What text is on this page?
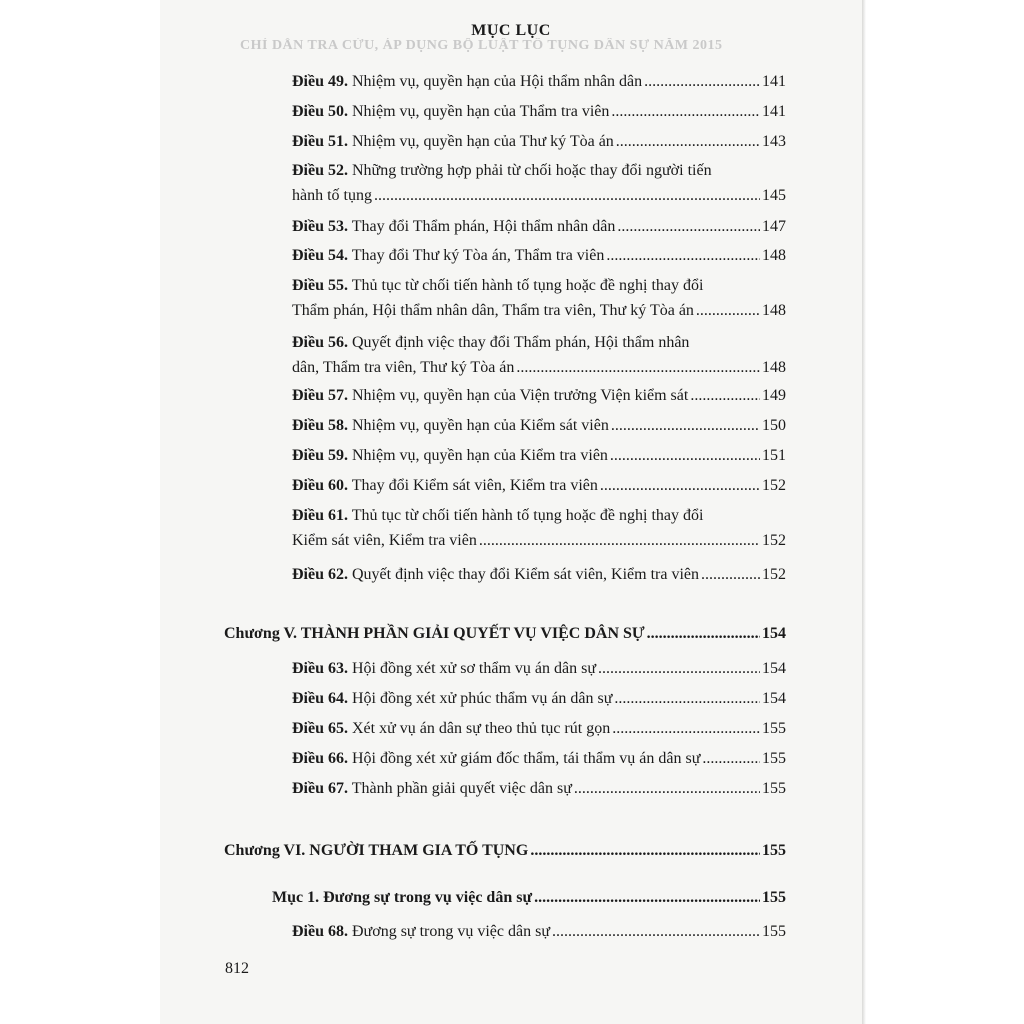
CHỈ DẪN TRA CỨU, ÁP DỤNG BỘ LUẬT TỐ TỤNG DÂN SỰ NĂM 2015
MỤC LỤC
Điều 49. Nhiệm vụ, quyền hạn của Hội thẩm nhân dân .....	141
Điều 50. Nhiệm vụ, quyền hạn của Thẩm tra viên .....	141
Điều 51. Nhiệm vụ, quyền hạn của Thư ký Tòa án .....	143
Điều 52. Những trường hợp phải từ chối hoặc thay đổi người tiến
hành tố tụng .....	145
Điều 53. Thay đổi Thẩm phán, Hội thẩm nhân dân .....	147
Điều 54. Thay đổi Thư ký Tòa án, Thẩm tra viên .....	148
Điều 55. Thủ tục từ chối tiến hành tố tụng hoặc đề nghị thay đổi
Thẩm phán, Hội thẩm nhân dân, Thẩm tra viên, Thư ký Tòa án .....	148
Điều 56. Quyết định việc thay đổi Thẩm phán, Hội thẩm nhân
dân, Thẩm tra viên, Thư ký Tòa án .....	148
Điều 57. Nhiệm vụ, quyền hạn của Viện trưởng Viện kiểm sát .....	149
Điều 58. Nhiệm vụ, quyền hạn của Kiểm sát viên .....	150
Điều 59. Nhiệm vụ, quyền hạn của Kiểm tra viên .....	151
Điều 60. Thay đổi Kiểm sát viên, Kiểm tra viên .....	152
Điều 61. Thủ tục từ chối tiến hành tố tụng hoặc đề nghị thay đổi
Kiểm sát viên, Kiểm tra viên .....	152
Điều 62. Quyết định việc thay đổi Kiểm sát viên, Kiểm tra viên .....	152
Chương V. THÀNH PHẦN GIẢI QUYẾT VỤ VIỆC DÂN SỰ .....	154
Điều 63. Hội đồng xét xử sơ thẩm vụ án dân sự .....	154
Điều 64. Hội đồng xét xử phúc thẩm vụ án dân sự .....	154
Điều 65. Xét xử vụ án dân sự theo thủ tục rút gọn .....	155
Điều 66. Hội đồng xét xử giám đốc thẩm, tái thẩm vụ án dân sự .....	155
Điều 67. Thành phần giải quyết việc dân sự .....	155
Chương VI. NGƯỜI THAM GIA TỐ TỤNG .....	155
Mục 1. Đương sự trong vụ việc dân sự .....	155
Điều 68. Đương sự trong vụ việc dân sự .....	155
812
